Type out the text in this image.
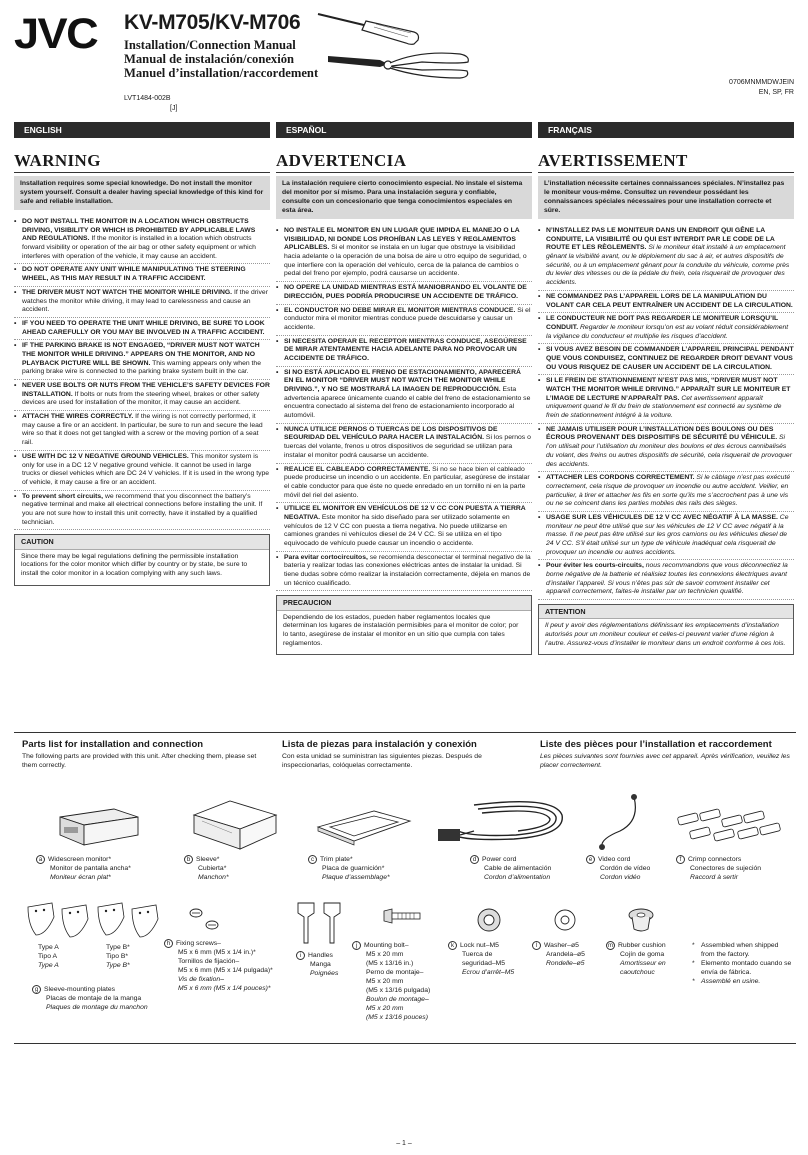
JVC	KV-M705/KV-M706
Installation/Connection Manual
Manual de instalación/conexión
Manuel d’installation/raccordement
LVT1484-002B
[J]
0706MNMMDWJEIN
EN, SP, FR
ENGLISH	ESPAÑOL	FRANÇAIS
WARNING
Installation requires some special knowledge. Do not install the monitor system yourself. Consult a dealer having special knowledge of this kind for safe and reliable installation.
• DO NOT INSTALL THE MONITOR IN A LOCATION WHICH OBSTRUCTS DRIVING, VISIBILITY OR WHICH IS PROHIBITED BY APPLICABLE LAWS AND REGULATIONS. If the monitor is installed in a location which obstructs forward visibility or operation of the air bag or other safety equipment or which interferes with operation of the vehicle, it may cause an accident.
• DO NOT OPERATE ANY UNIT WHILE MANIPULATING THE STEERING WHEEL, AS THIS MAY RESULT IN A TRAFFIC ACCIDENT.
• THE DRIVER MUST NOT WATCH THE MONITOR WHILE DRIVING. If the driver watches the monitor while driving, it may lead to carelessness and cause an accident.
• IF YOU NEED TO OPERATE THE UNIT WHILE DRIVING, BE SURE TO LOOK AHEAD CAREFULLY OR YOU MAY BE INVOLVED IN A TRAFFIC ACCIDENT.
• IF THE PARKING BRAKE IS NOT ENGAGED, “DRIVER MUST NOT WATCH THE MONITOR WHILE DRIVING.” APPEARS ON THE MONITOR, AND NO PLAYBACK PICTURE WILL BE SHOWN. This warning appears only when the parking brake wire is connected to the parking brake system built in the car.
• NEVER USE BOLTS OR NUTS FROM THE VEHICLE’S SAFETY DEVICES FOR INSTALLATION. If bolts or nuts from the steering wheel, brakes or other safety devices are used for installation of the monitor, it may cause an accident.
• ATTACH THE WIRES CORRECTLY. If the wiring is not correctly performed, it may cause a fire or an accident. In particular, be sure to run and secure the lead wire so that it does not get tangled with a screw or the moving portion of a seat rail.
• USE WITH DC 12 V NEGATIVE GROUND VEHICLES. This monitor system is only for use in a DC 12 V negative ground vehicle. It cannot be used in large trucks or diesel vehicles which are DC 24 V vehicles. If it is used in the wrong type of vehicle, it may cause a fire or an accident.
• To prevent short circuits, we recommend that you disconnect the battery’s negative terminal and make all electrical connections before installing the unit. If you are not sure how to install this unit correctly, have it installed by a qualified technician.
CAUTION
Since there may be legal regulations defining the permissible installation locations for the color monitor which differ by country or by state, be sure to install the color monitor in a location complying with any such laws.
ADVERTENCIA
La instalación requiere cierto conocimiento especial. No instale el sistema del monitor por sí mismo. Para una instalación segura y confiable, consulte con un concesionario que tenga conocimientos especiales en esta área.
• NO INSTALE EL MONITOR EN UN LUGAR QUE IMPIDA EL MANEJO O LA VISIBILIDAD, NI DONDE LOS PROHÍBAN LAS LEYES Y REGLAMENTOS APLICABLES. Si el monitor se instala en un lugar que obstruye la visibilidad hacia adelante o la operación de una bolsa de aire u otro equipo de seguridad, o que interfiere con la operación del vehículo, cerca de la palanca de cambios o pedal del freno por ejemplo, podrá causarse un accidente.
• NO OPERE LA UNIDAD MIENTRAS ESTÁ MANIOBRANDO EL VOLANTE DE DIRECCIÓN, PUES PODRÍA PRODUCIRSE UN ACCIDENTE DE TRÁFICO.
• EL CONDUCTOR NO DEBE MIRAR EL MONITOR MIENTRAS CONDUCE. Si el conductor mira el monitor mientras conduce puede descuidarse y causar un accidente.
• SI NECESITA OPERAR EL RECEPTOR MIENTRAS CONDUCE, ASEGÚRESE DE MIRAR ATENTAMENTE HACIA ADELANTE PARA NO PROVOCAR UN ACCIDENTE DE TRÁFICO.
• SI NO ESTÁ APLICADO EL FRENO DE ESTACIONAMIENTO, APARECERÁ EN EL MONITOR “DRIVER MUST NOT WATCH THE MONITOR WHILE DRIVING.”, Y NO SE MOSTRARÁ LA IMAGEN DE REPRODUCCIÓN. Esta advertencia aparece únicamente cuando el cable del freno de estacionamiento se encuentra conectado al sistema del freno de estacionamiento incorporado al automóvil.
• NUNCA UTILICE PERNOS O TUERCAS DE LOS DISPOSITIVOS DE SEGURIDAD DEL VEHÍCULO PARA HACER LA INSTALACIÓN. Si los pernos o tuercas del volante, frenos u otros dispositivos de seguridad se utilizan para instalar el monitor podrá causarse un accidente.
• REALICE EL CABLEADO CORRECTAMENTE. Si no se hace bien el cableado puede producirse un incendio o un accidente. En particular, asegúrese de instalar el cable conductor para que éste no quede enredado en un tornillo ni en la parte móvil del riel del asiento.
• UTILICE EL MONITOR EN VEHÍCULOS DE 12 V CC CON PUESTA A TIERRA NEGATIVA. Este monitor ha sido diseñado para ser utilizado solamente en vehículos de 12 V CC con puesta a tierra negativa. No puede utilizarse en camiones grandes ni vehículos diesel de 24 V CC. Si se utiliza en el tipo equivocado de vehículo puede causar un incendio o accidente.
• Para evitar cortocircuitos, se recomienda desconectar el terminal negativo de la batería y realizar todas las conexiones eléctricas antes de instalar la unidad. Si tiene dudas sobre cómo realizar la instalación correctamente, déjela en manos de un técnico cualificado.
PRECAUCION
Dependiendo de los estados, pueden haber reglamentos locales que determinan los lugares de instalación permisibles para el monitor de color; por lo tanto, asegúrese de instalar el monitor en un sitio que cumpla con tales reglamentos.
AVERTISSEMENT
L’installation nécessite certaines connaissances spéciales. N’installez pas le moniteur vous-même. Consultez un revendeur possédant les connaissances spéciales nécessaires pour une installation correcte et sûre.
• N’INSTALLEZ PAS LE MONITEUR DANS UN ENDROIT QUI GÊNE LA CONDUITE, LA VISIBILITÉ OU QUI EST INTERDIT PAR LE CODE DE LA ROUTE ET LES RÈGLEMENTS. Si le moniteur était installé à un emplacement gênant la visibilité avant, ou le déploiement du sac à air, et autres dispositifs de sécurité, ou à un emplacement gênant pour la conduite du véhicule, comme près du levier des vitesses ou de la pédale du frein, cela risquerait de provoquer des accidents.
• NE COMMANDEZ PAS L’APPAREIL LORS DE LA MANIPULATION DU VOLANT CAR CELA PEUT ENTRAÎNER UN ACCIDENT DE LA CIRCULATION.
• LE CONDUCTEUR NE DOIT PAS REGARDER LE MONITEUR LORSQU’IL CONDUIT. Regarder le moniteur lorsqu’on est au volant réduit considérablement la vigilance du conducteur et multiplie les risques d’accident.
• SI VOUS AVEZ BESOIN DE COMMANDER L’APPAREIL PRINCIPAL PENDANT QUE VOUS CONDUISEZ, CONTINUEZ DE REGARDER DROIT DEVANT VOUS OU VOUS RISQUEZ DE CAUSER UN ACCIDENT DE LA CIRCULATION.
• SI LE FREIN DE STATIONNEMENT N’EST PAS MIS, “DRIVER MUST NOT WATCH THE MONITOR WHILE DRIVING.” APPARAÎT SUR LE MONITEUR ET L’IMAGE DE LECTURE N’APPARAÎT PAS. Cet avertissement apparaît uniquement quand le fil du frein de stationnement est connecté au système de frein de stationnement intégré à la voiture.
• NE JAMAIS UTILISER POUR L’INSTALLATION DES BOULONS OU DES ÉCROUS PROVENANT DES DISPOSITIFS DE SÉCURITÉ DU VÉHICULE. Si l’on utilisait pour l’utilisation du moniteur des boulons et des écrous cannibalisés du volant, des freins ou autres dispositifs de sécurité, cela risquerait de provoquer des accidents.
• ATTACHER LES CORDONS CORRECTEMENT. Si le câblage n’est pas exécuté correctement, cela risque de provoquer un incendie ou autre accident. Veiller, en particulier, à tirer et attacher les fils en sorte qu’ils me s’accrochent pas à une vis ou ne se coincent dans les parties mobiles des rails des sièges.
• USAGE SUR LES VÉHICULES DE 12 V CC AVEC NÉGATIF À LA MASSE. Ce moniteur ne peut être utilisé que sur les véhicules de 12 V CC avec négatif à la masse. Il ne peut pas être utilisé sur les gros camions ou les véhicules diesel de 24 V CC. S’il était utilisé sur un type de véhicule inadéquat cela risquerait de provoquer un incendie ou autres accidents.
• Pour éviter les courts-circuits, nous recommandons que vous déconnectiez la borne négative de la batterie et réalisiez toutes les connexions électriques avant d’installer l’appareil. Si vous n’êtes pas sûr de savoir comment installer cet appareil correctement, faites-le installer par un technicien qualifié.
ATTENTION
Il peut y avoir des réglementations définissant les emplacements d’installation autorisés pour un moniteur couleur et celles-ci peuvent varier d’une région à l’autre. Assurez-vous d’installer le moniteur dans un endroit conforme à ces lois.
Parts list for installation and connection
The following parts are provided with this unit. After checking them, please set them correctly.
Lista de piezas para instalación y conexión
Con esta unidad se suministran las siguientes piezas. Después de inspeccionarlas, colóquelas correctamente.
Liste des pièces pour l’installation et raccordement
Les pièces suivantes sont fournies avec cet appareil. Après vérification, veuillez les placer correctement.
a Widescreen monitor*
Monitor de pantalla ancha*
Moniteur écran plat*
b Sleeve*
Cubierta*
Manchon*
c Trim plate*
Placa de guarnición*
Plaque d’assemblage*
d Power cord
Cable de alimentación
Cordon d’alimentation
e Video cord
Cordón de vídeo
Cordon vidéo
f Crimp connectors
Conectores de sujeción
Raccord à sertir
Type A
Tipo A
Type A
Type B*
Tipo B*
Type B*
g Sleeve-mounting plates
Placas de montaje de la manga
Plaques de montage du manchon
h Fixing screws–
M5 x 6 mm (M5 x 1/4 in.)*
Tornillos de fijación–
M5 x 6 mm (M5 x 1/4 pulgada)*
Vis de fixation–
M5 x 6 mm (M5 x 1/4 pouces)*
i Handles
Manga
Poignées
j Mounting bolt–
M5 x 20 mm
(M5 x 13/16 in.)
Perno de montaje–
M5 x 20 mm
(M5 x 13/16 pulgada)
Boulon de montage–
M5 x 20 mm
(M5 x 13/16 pouces)
k Lock nut–M5
Tuerca de
seguridad–M5
Ecrou d’arrêt–M5
l Washer–ø5
Arandela–ø5
Rondelle–ø5
m Rubber cushion
Cojín de goma
Amortisseur en
caoutchouc
* Assembled when shipped from the factory.
* Elemento montado cuando se envía de fábrica.
* Assemblé en usine.
– 1 –
